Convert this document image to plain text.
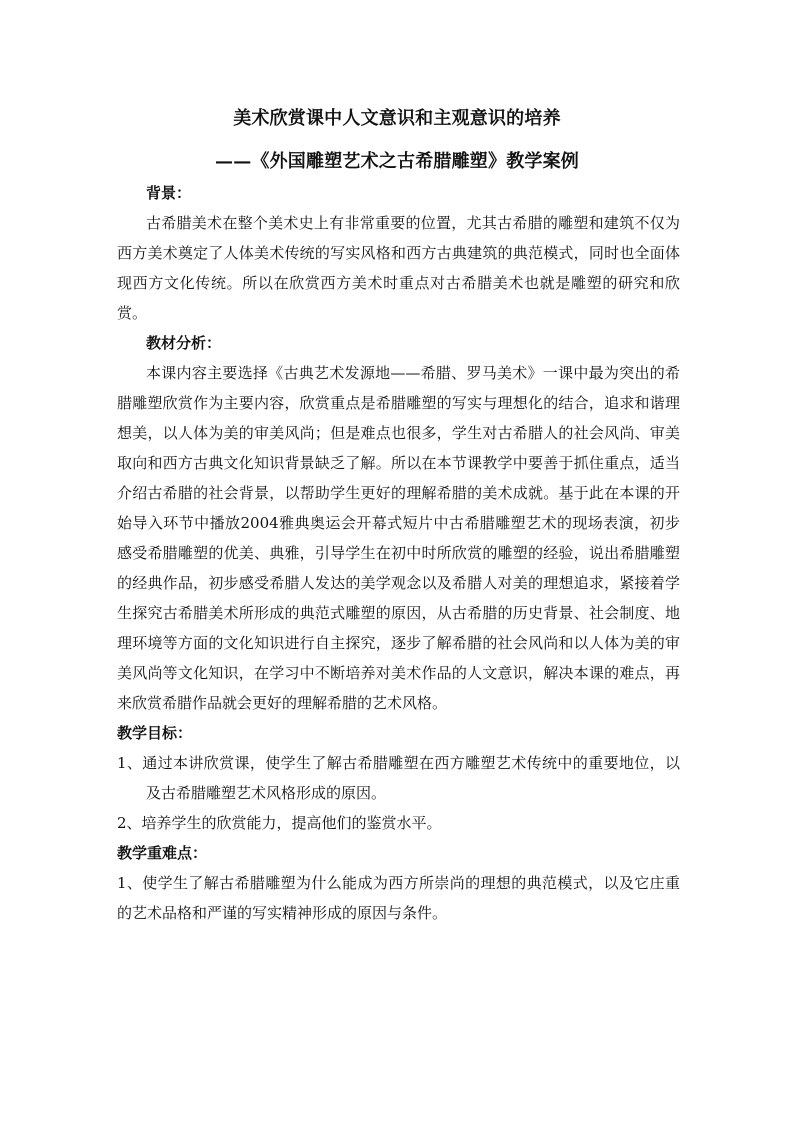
美术欣赏课中人文意识和主观意识的培养
——《外国雕塑艺术之古希腊雕塑》教学案例
背景：
古希腊美术在整个美术史上有非常重要的位置，尤其古希腊的雕塑和建筑不仅为西方美术奠定了人体美术传统的写实风格和西方古典建筑的典范模式，同时也全面体现西方文化传统。所以在欣赏西方美术时重点对古希腊美术也就是雕塑的研究和欣赏。
教材分析：
本课内容主要选择《古典艺术发源地——希腊、罗马美术》一课中最为突出的希腊雕塑欣赏作为主要内容，欣赏重点是希腊雕塑的写实与理想化的结合，追求和谐理想美，以人体为美的审美风尚；但是难点也很多，学生对古希腊人的社会风尚、审美取向和西方古典文化知识背景缺乏了解。所以在本节课教学中要善于抓住重点，适当介绍古希腊的社会背景，以帮助学生更好的理解希腊的美术成就。基于此在本课的开始导入环节中播放2004雅典奥运会开幕式短片中古希腊雕塑艺术的现场表演，初步感受希腊雕塑的优美、典雅，引导学生在初中时所欣赏的雕塑的经验，说出希腊雕塑的经典作品，初步感受希腊人发达的美学观念以及希腊人对美的理想追求，紧接着学生探究古希腊美术所形成的典范式雕塑的原因，从古希腊的历史背景、社会制度、地理环境等方面的文化知识进行自主探究，逐步了解希腊的社会风尚和以人体为美的审美风尚等文化知识，在学习中不断培养对美术作品的人文意识，解决本课的难点，再来欣赏希腊作品就会更好的理解希腊的艺术风格。
教学目标：
1、通过本讲欣赏课，使学生了解古希腊雕塑在西方雕塑艺术传统中的重要地位，以及古希腊雕塑艺术风格形成的原因。
2、培养学生的欣赏能力，提高他们的鉴赏水平。
教学重难点：
1、使学生了解古希腊雕塑为什么能成为西方所崇尚的理想的典范模式，以及它庄重的艺术品格和严谨的写实精神形成的原因与条件。
